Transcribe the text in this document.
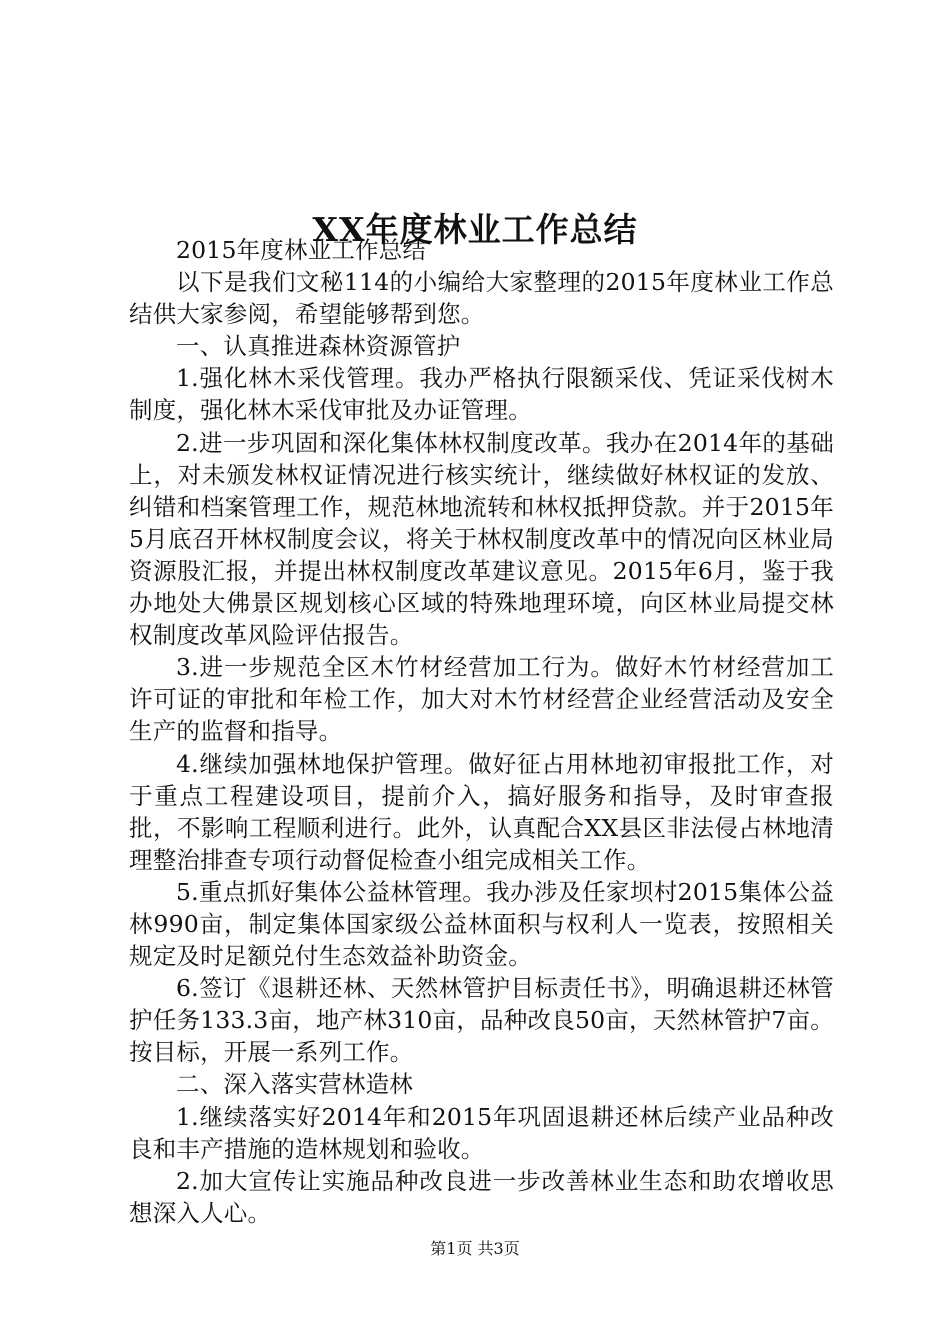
XX年度林业工作总结

2015年度林业工作总结

以下是我们文秘114的小编给大家整理的2015年度林业工作总结供大家参阅，希望能够帮到您。

一、认真推进森林资源管护

1.强化林木采伐管理。我办严格执行限额采伐、凭证采伐树木制度，强化林木采伐审批及办证管理。

2.进一步巩固和深化集体林权制度改革。我办在2014年的基础上，对未颁发林权证情况进行核实统计，继续做好林权证的发放、纠错和档案管理工作，规范林地流转和林权抵押贷款。并于2015年5月底召开林权制度会议，将关于林权制度改革中的情况向区林业局资源股汇报，并提出林权制度改革建议意见。2015年6月，鉴于我办地处大佛景区规划核心区域的特殊地理环境，向区林业局提交林权制度改革风险评估报告。

3.进一步规范全区木竹材经营加工行为。做好木竹材经营加工许可证的审批和年检工作，加大对木竹材经营企业经营活动及安全生产的监督和指导。

4.继续加强林地保护管理。做好征占用林地初审报批工作，对于重点工程建设项目，提前介入，搞好服务和指导，及时审查报批，不影响工程顺利进行。此外，认真配合XX县区非法侵占林地清理整治排查专项行动督促检查小组完成相关工作。

5.重点抓好集体公益林管理。我办涉及任家坝村2015集体公益林990亩，制定集体国家级公益林面积与权利人一览表，按照相关规定及时足额兑付生态效益补助资金。

6.签订《退耕还林、天然林管护目标责任书》，明确退耕还林管护任务133.3亩，地产林310亩，品种改良50亩，天然林管护7亩。按目标，开展一系列工作。

二、深入落实营林造林

1.继续落实好2014年和2015年巩固退耕还林后续产业品种改良和丰产措施的造林规划和验收。

2.加大宣传让实施品种改良进一步改善林业生态和助农增收思想深入人心。

第1页 共3页
